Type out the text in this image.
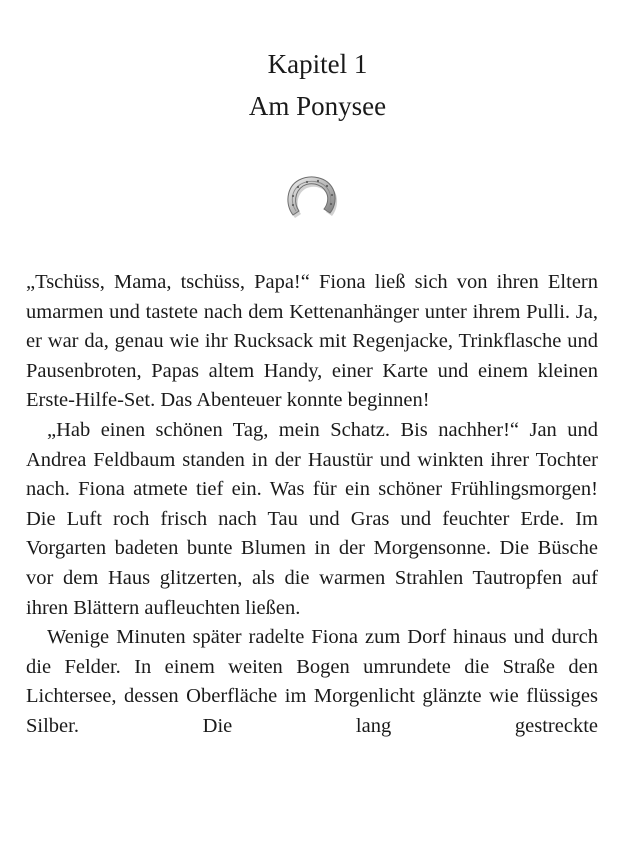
Kapitel 1
Am Ponysee

„Tschüss, Mama, tschüss, Papa!“ Fiona ließ sich von ihren Eltern umarmen und tastete nach dem Kettenanhänger unter ihrem Pulli. Ja, er war da, genau wie ihr Rucksack mit Regenjacke, Trinkflasche und Pausenbroten, Papas altem Handy, einer Karte und einem kleinen Erste-Hilfe-Set. Das Abenteuer konnte beginnen!

„Hab einen schönen Tag, mein Schatz. Bis nachher!“ Jan und Andrea Feldbaum standen in der Haustür und winkten ihrer Tochter nach. Fiona atmete tief ein. Was für ein schöner Frühlingsmorgen! Die Luft roch frisch nach Tau und Gras und feuchter Erde. Im Vorgarten badeten bunte Blumen in der Morgensonne. Die Büsche vor dem Haus glitzerten, als die warmen Strahlen Tautropfen auf ihren Blättern aufleuchten ließen.

Wenige Minuten später radelte Fiona zum Dorf hinaus und durch die Felder. In einem weiten Bogen umrundete die Straße den Lichtersee, dessen Oberfläche im Morgenlicht glänzte wie flüssiges Silber. Die lang gestreckte
